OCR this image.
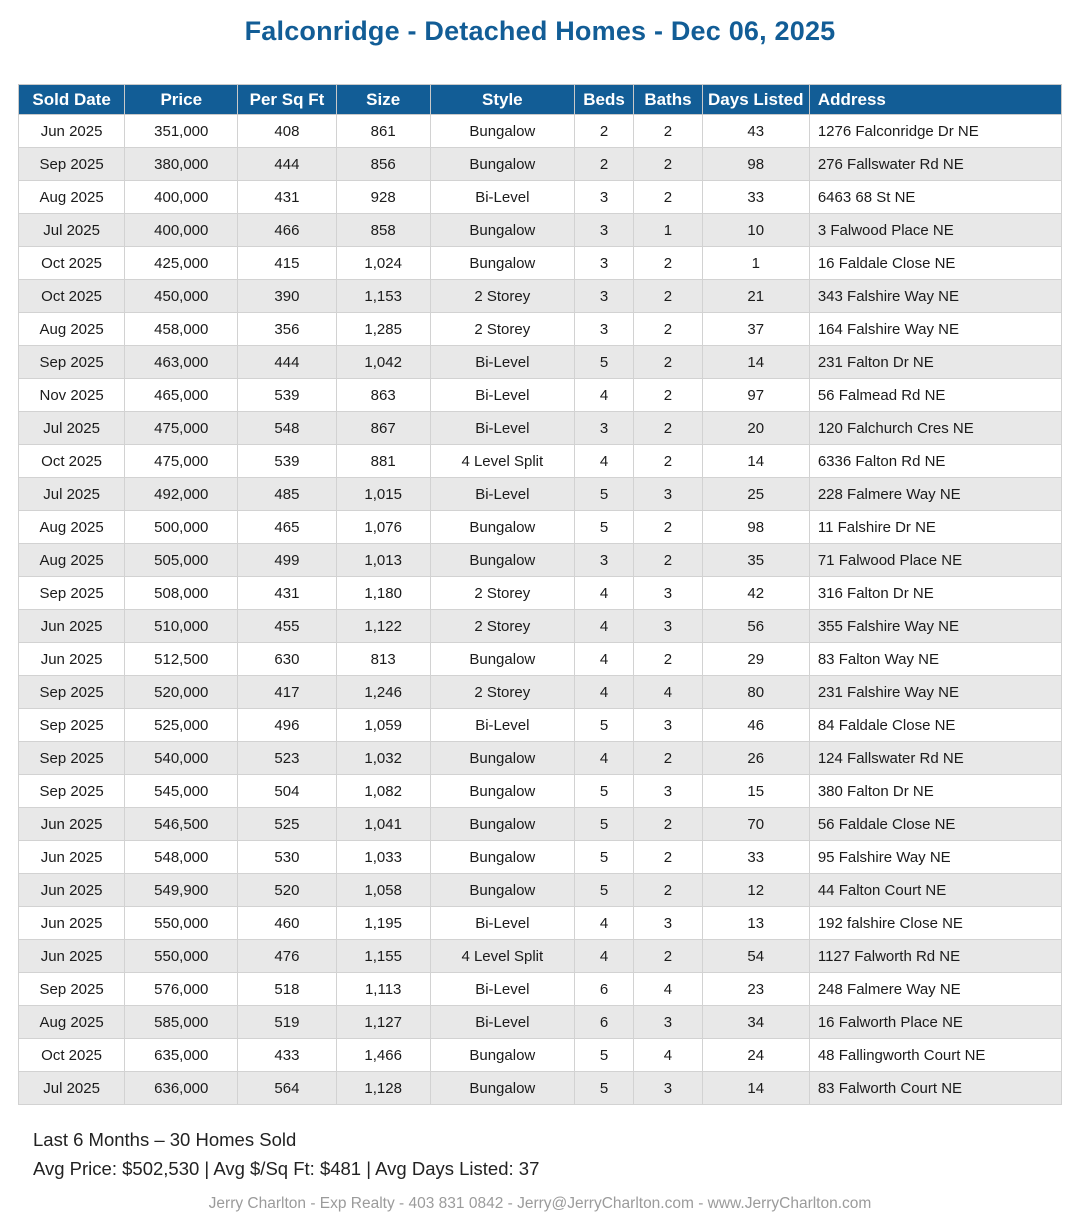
Falconridge - Detached Homes - Dec 06, 2025
Sold Date	Price	Per Sq Ft	Size	Style	Beds	Baths	Days Listed	Address
Jun 2025	351,000	408	861	Bungalow	2	2	43	1276 Falconridge Dr NE
Sep 2025	380,000	444	856	Bungalow	2	2	98	276 Fallswater Rd NE
Aug 2025	400,000	431	928	Bi-Level	3	2	33	6463 68 St NE
Jul 2025	400,000	466	858	Bungalow	3	1	10	3 Falwood Place NE
Oct 2025	425,000	415	1,024	Bungalow	3	2	1	16 Faldale Close NE
Oct 2025	450,000	390	1,153	2 Storey	3	2	21	343 Falshire Way NE
Aug 2025	458,000	356	1,285	2 Storey	3	2	37	164 Falshire Way NE
Sep 2025	463,000	444	1,042	Bi-Level	5	2	14	231 Falton Dr NE
Nov 2025	465,000	539	863	Bi-Level	4	2	97	56 Falmead Rd NE
Jul 2025	475,000	548	867	Bi-Level	3	2	20	120 Falchurch Cres NE
Oct 2025	475,000	539	881	4 Level Split	4	2	14	6336 Falton Rd NE
Jul 2025	492,000	485	1,015	Bi-Level	5	3	25	228 Falmere Way NE
Aug 2025	500,000	465	1,076	Bungalow	5	2	98	11 Falshire Dr NE
Aug 2025	505,000	499	1,013	Bungalow	3	2	35	71 Falwood Place NE
Sep 2025	508,000	431	1,180	2 Storey	4	3	42	316 Falton Dr NE
Jun 2025	510,000	455	1,122	2 Storey	4	3	56	355 Falshire Way NE
Jun 2025	512,500	630	813	Bungalow	4	2	29	83 Falton Way NE
Sep 2025	520,000	417	1,246	2 Storey	4	4	80	231 Falshire Way NE
Sep 2025	525,000	496	1,059	Bi-Level	5	3	46	84 Faldale Close NE
Sep 2025	540,000	523	1,032	Bungalow	4	2	26	124 Fallswater Rd NE
Sep 2025	545,000	504	1,082	Bungalow	5	3	15	380 Falton Dr NE
Jun 2025	546,500	525	1,041	Bungalow	5	2	70	56 Faldale Close NE
Jun 2025	548,000	530	1,033	Bungalow	5	2	33	95 Falshire Way NE
Jun 2025	549,900	520	1,058	Bungalow	5	2	12	44 Falton Court NE
Jun 2025	550,000	460	1,195	Bi-Level	4	3	13	192 falshire Close NE
Jun 2025	550,000	476	1,155	4 Level Split	4	2	54	1127 Falworth Rd NE
Sep 2025	576,000	518	1,113	Bi-Level	6	4	23	248 Falmere Way NE
Aug 2025	585,000	519	1,127	Bi-Level	6	3	34	16 Falworth Place NE
Oct 2025	635,000	433	1,466	Bungalow	5	4	24	48 Fallingworth Court NE
Jul 2025	636,000	564	1,128	Bungalow	5	3	14	83 Falworth Court NE
Last 6 Months – 30 Homes Sold
Avg Price: $502,530 | Avg $/Sq Ft: $481 | Avg Days Listed: 37
Jerry Charlton - Exp Realty - 403 831 0842 - Jerry@JerryCharlton.com - www.JerryCharlton.com
